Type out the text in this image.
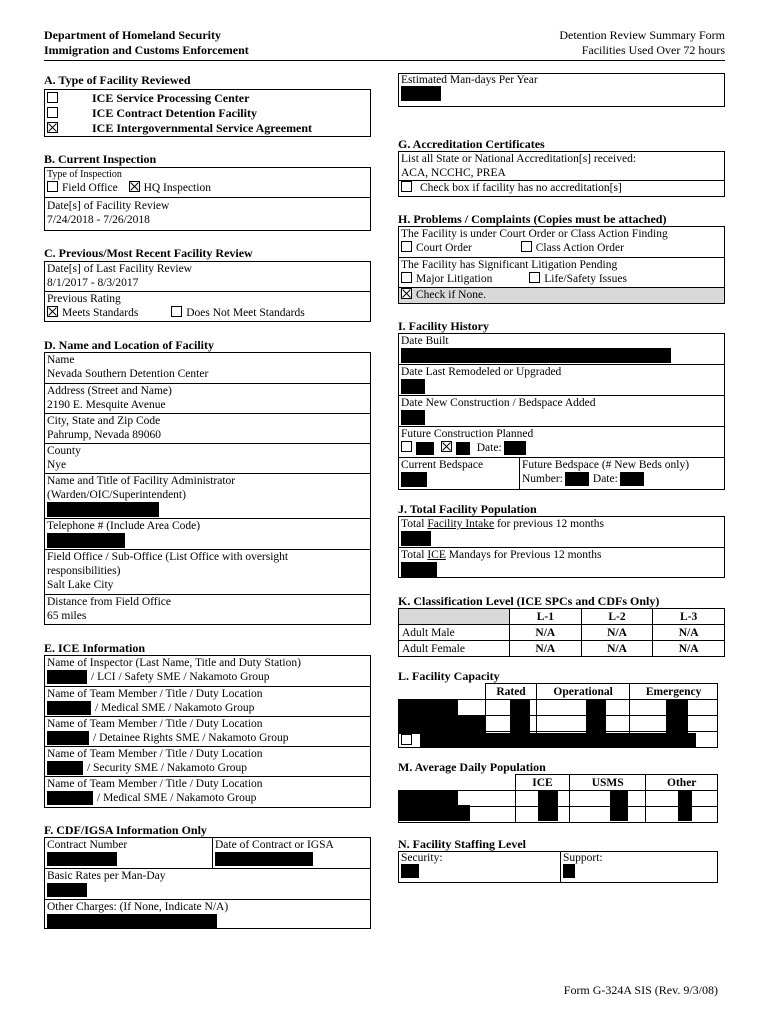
Department of Homeland Security
Immigration and Customs Enforcement
Detention Review Summary Form
Facilities Used Over 72 hours
A. Type of Facility Reviewed
ICE Service Processing Center
ICE Contract Detention Facility
ICE Intergovernmental Service Agreement
B. Current Inspection
Type of Inspection
Field Office HQ Inspection
Date[s] of Facility Review
7/24/2018 - 7/26/2018
C. Previous/Most Recent Facility Review
Date[s] of Last Facility Review
8/1/2017 - 8/3/2017
Previous Rating
Meets Standards	Does Not Meet Standards
D. Name and Location of Facility
Name
Nevada Southern Detention Center
Address (Street and Name)
2190 E. Mesquite Avenue
City, State and Zip Code
Pahrump, Nevada 89060
County
Nye
Name and Title of Facility Administrator
(Warden/OIC/Superintendent)
Telephone # (Include Area Code)
Field Office / Sub-Office (List Office with oversight
responsibilities)
Salt Lake City
Distance from Field Office
65 miles
E. ICE Information
Name of Inspector (Last Name, Title and Duty Station)
/ LCI / Safety SME / Nakamoto Group
Name of Team Member / Title / Duty Location
/ Medical SME / Nakamoto Group
Name of Team Member / Title / Duty Location
/ Detainee Rights SME / Nakamoto Group
Name of Team Member / Title / Duty Location
/ Security SME / Nakamoto Group
Name of Team Member / Title / Duty Location
/ Medical SME / Nakamoto Group
F. CDF/IGSA Information Only
Contract Number	Date of Contract or IGSA
Basic Rates per Man-Day
Other Charges: (If None, Indicate N/A)
Estimated Man-days Per Year
G. Accreditation Certificates
List all State or National Accreditation[s] received:
ACA, NCCHC, PREA
Check box if facility has no accreditation[s]
H. Problems / Complaints (Copies must be attached)
The Facility is under Court Order or Class Action Finding
Court Order	Class Action Order
The Facility has Significant Litigation Pending
Major Litigation	Life/Safety Issues
Check if None.
I. Facility History
Date Built
Date Last Remodeled or Upgraded
Date New Construction / Bedspace Added
Future Construction Planned
Date:
Current Bedspace	Future Bedspace (# New Beds only)
Number:	Date:
J. Total Facility Population
Total Facility Intake for previous 12 months
Total ICE Mandays for Previous 12 months
K. Classification Level (ICE SPCs and CDFs Only)
	L-1	L-2	L-3
Adult Male	N/A	N/A	N/A
Adult Female	N/A	N/A	N/A
L. Facility Capacity
	Rated	Operational	Emergency

M. Average Daily Population
	ICE	USMS	Other

N. Facility Staffing Level
Security:	Support:
Form G-324A SIS (Rev. 9/3/08)
